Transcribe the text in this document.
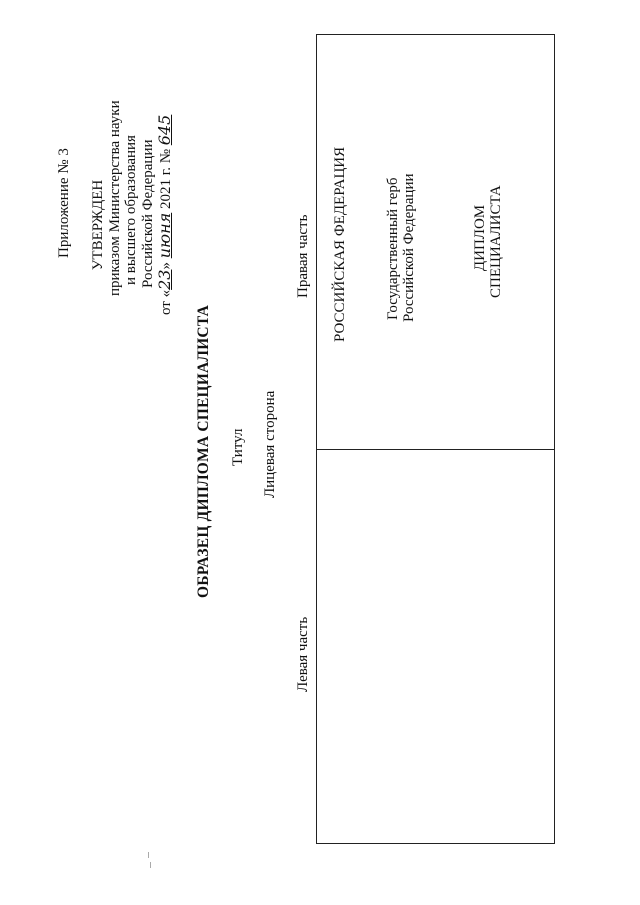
Приложение № 3 УТВЕРЖДЕН приказом Министерства науки и высшего образования Российской Федерации
от «23» июня 2021 г. № 645
ОБРАЗЕЦ ДИПЛОМА СПЕЦИАЛИСТА Титул Лицевая сторона
Левая часть
Правая часть РОССИЙСКАЯ ФЕДЕРАЦИЯ Государственный герб Российской Федерации	ДИПЛОМ СПЕЦИАЛИСТА
